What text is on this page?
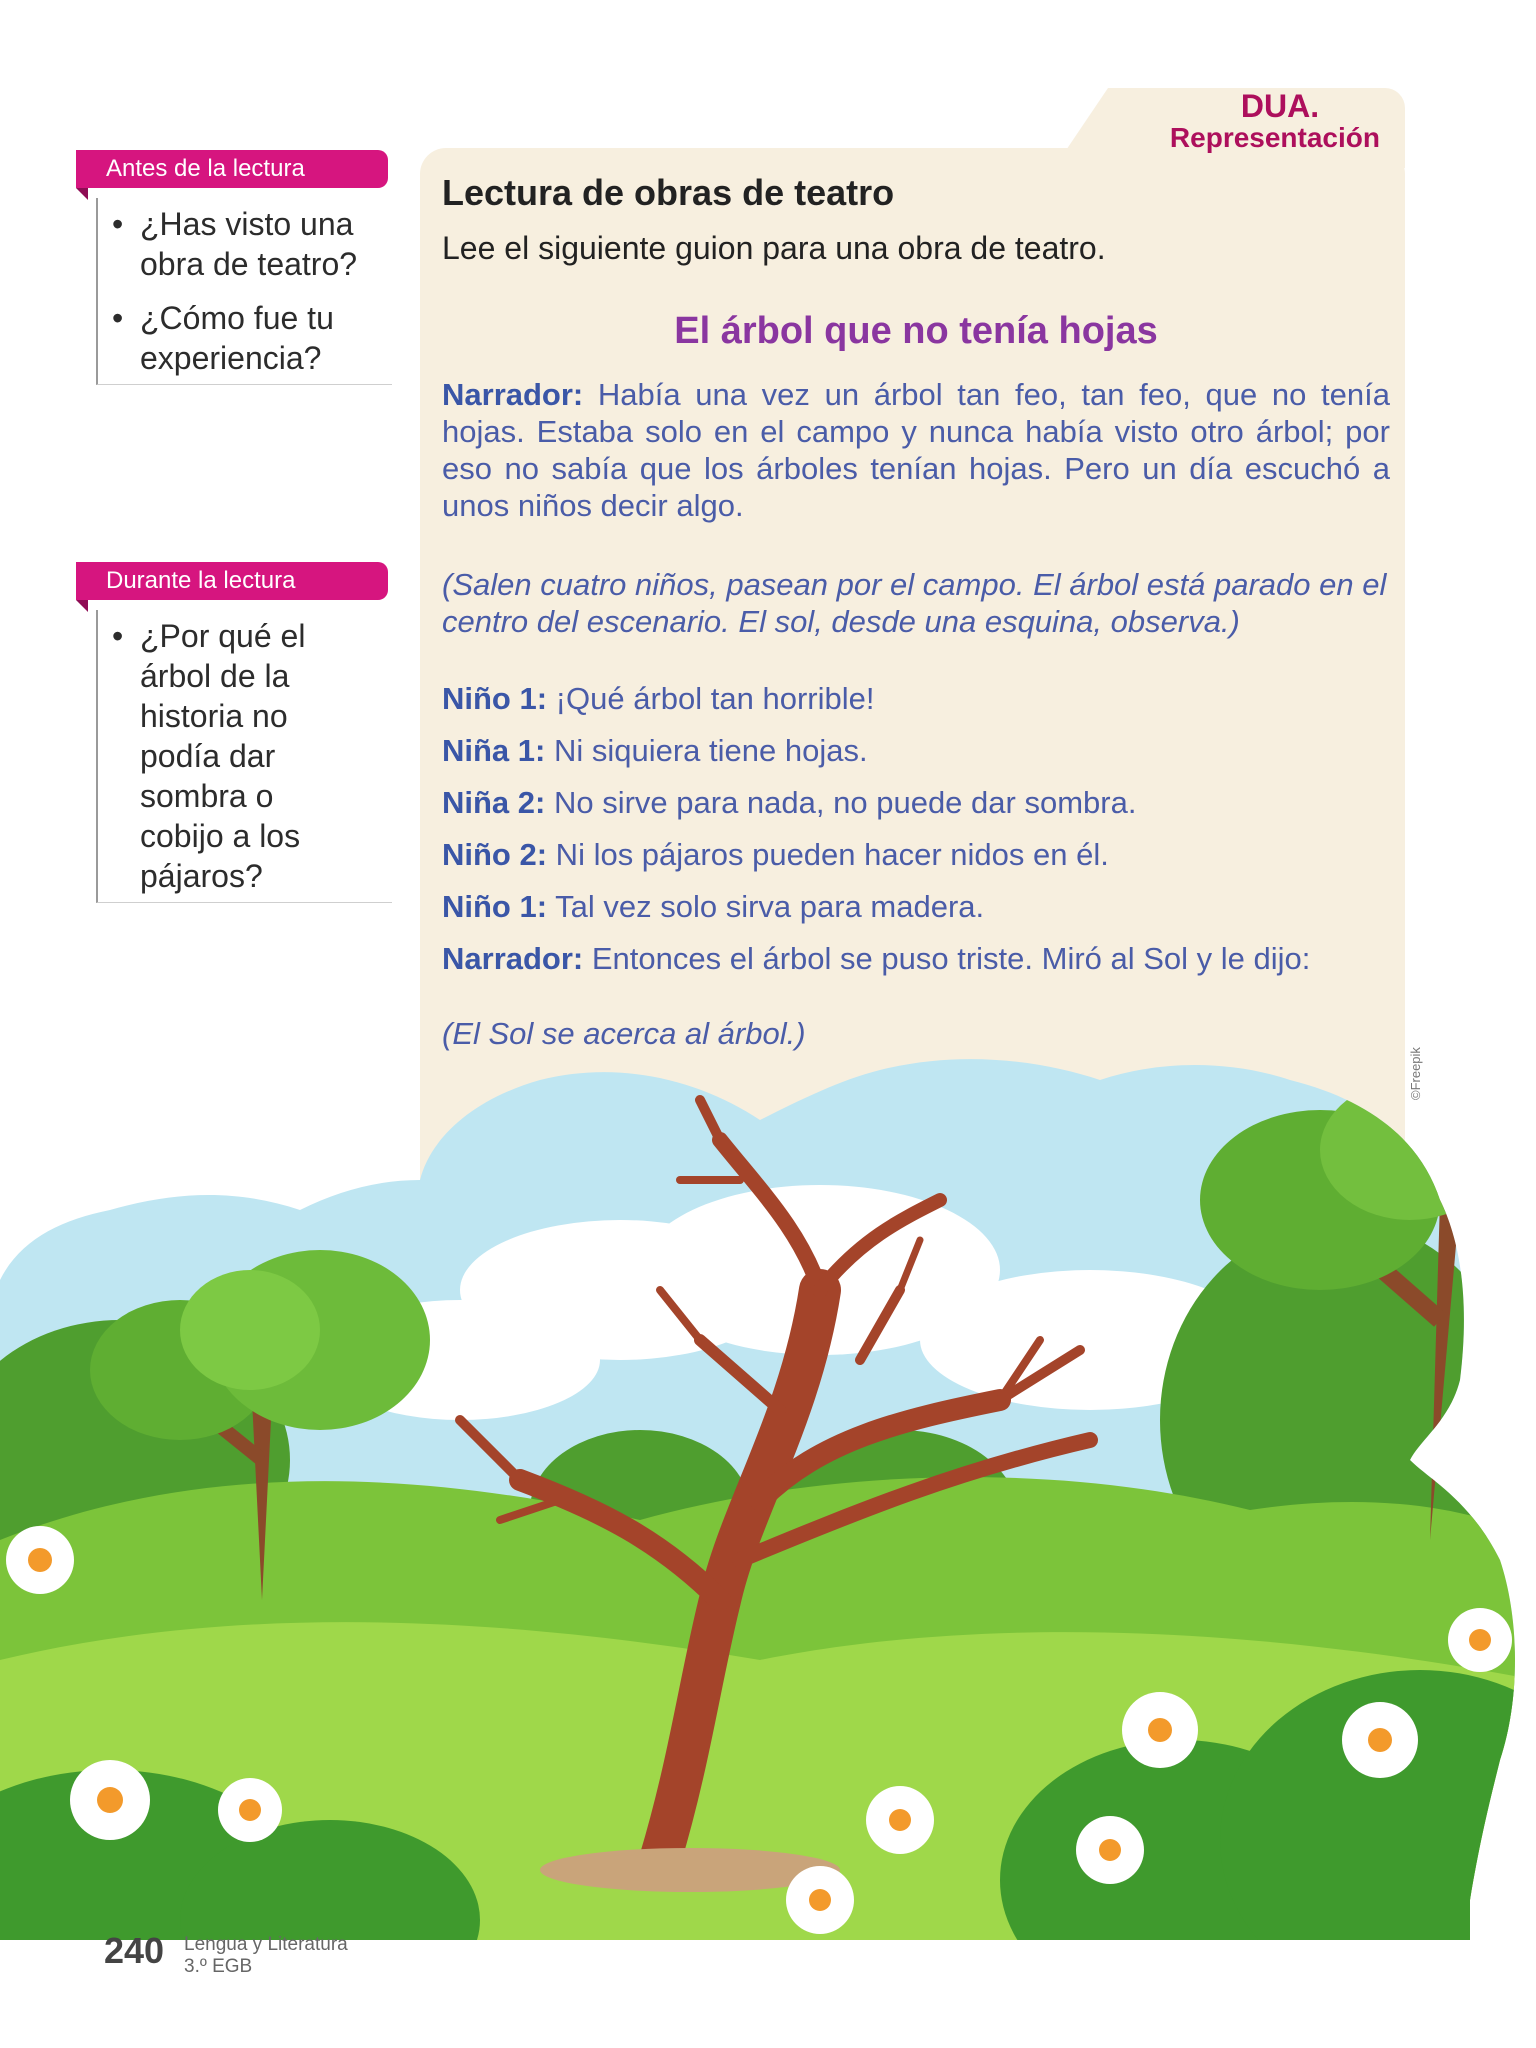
Antes de la lectura
• ¿Has visto una obra de teatro?
• ¿Cómo fue tu experiencia?
Durante la lectura
• ¿Por qué el árbol de la historia no podía dar sombra o cobijo a los pájaros?
DUA.
Representación
Lectura de obras de teatro
Lee el siguiente guion para una obra de teatro.
El árbol que no tenía hojas
Narrador: Había una vez un árbol tan feo, tan feo, que no tenía hojas. Estaba solo en el campo y nunca había visto otro árbol; por eso no sabía que los árboles tenían hojas. Pero un día escuchó a unos niños decir algo.
(Salen cuatro niños, pasean por el campo. El árbol está parado en el centro del escenario. El sol, desde una esquina, observa.)
Niño 1: ¡Qué árbol tan horrible!
Niña 1: Ni siquiera tiene hojas.
Niña 2: No sirve para nada, no puede dar sombra.
Niño 2: Ni los pájaros pueden hacer nidos en él.
Niño 1: Tal vez solo sirva para madera.
Narrador: Entonces el árbol se puso triste. Miró al Sol y le dijo:
(El Sol se acerca al árbol.)
©Freepik
240 Lengua y Literatura
3.º EGB
